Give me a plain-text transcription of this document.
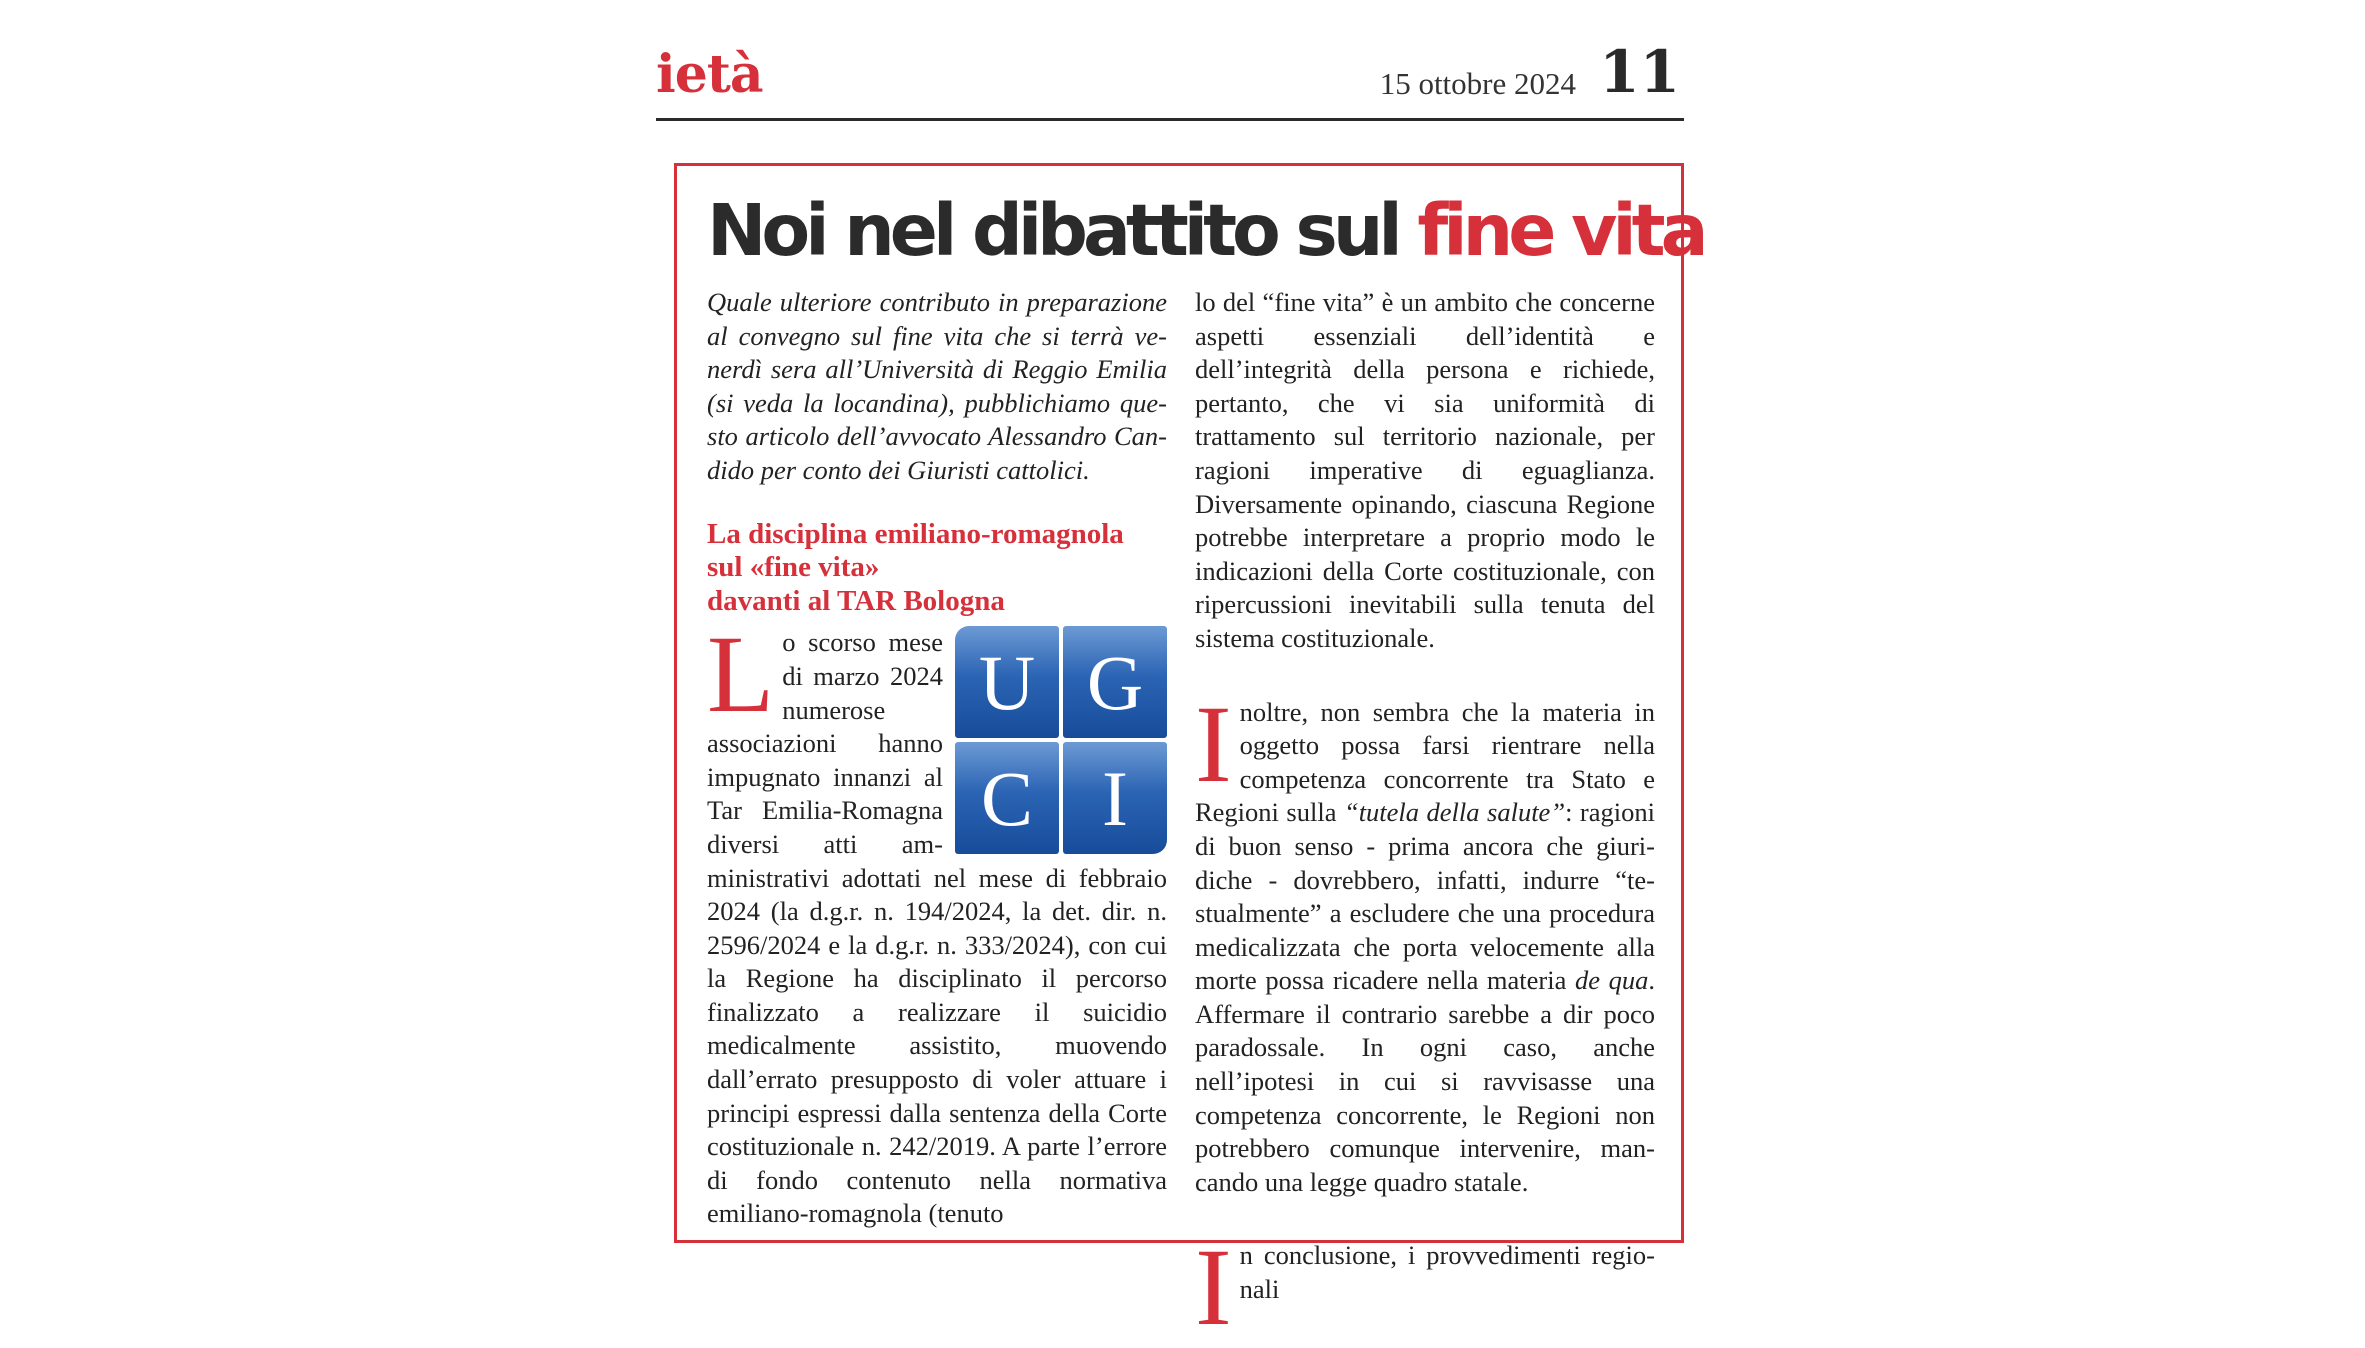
ietà	15 ottobre 2024 11
Noi nel dibattito sul fine vita

Quale ulteriore contributo in preparazione al convegno sul fine vita che si terrà venerdì sera all’Università di Reggio Emilia (si veda la locandina), pubblichiamo questo articolo dell’avvocato Alessandro Candido per conto dei Giuristi cattolici.

La disciplina emiliano-romagnola
sul «fine vita»
davanti al TAR Bologna
U G
C I

Lo scorso mese di marzo 2024 numerose associazioni hanno impugnato innanzi al Tar Emilia-Romagna diversi atti amministrativi adottati nel mese di febbraio 2024 (la d.g.r. n. 194/2024, la det. dir. n. 2596/2024 e la d.g.r. n. 333/2024), con cui la Regione ha disciplinato il percorso finalizzato a realizzare il suicidio medicalmente assistito, muovendo dall’errato presupposto di voler attuare i principi espressi dalla sentenza della Corte costituzionale n. 242/2019. A parte l’errore di fondo contenuto nella normativa emiliano-romagnola (tenuto

lo del “fine vita” è un ambito che concerne aspetti essenziali dell’identità e dell’integrità della persona e richiede, pertanto, che vi sia uniformità di trattamento sul territorio nazionale, per ragioni imperative di eguaglianza. Diversamente opinando, ciascuna Regione potrebbe interpretare a proprio modo le indicazioni della Corte costituzionale, con ripercussioni inevitabili sulla tenuta del sistema costituzionale.

Inoltre, non sembra che la materia in oggetto possa farsi rientrare nella competenza concorrente tra Stato e Regioni sulla “tutela della salute”: ragioni di buon senso - prima ancora che giuridiche - dovrebbero, infatti, indurre “testualmente” a escludere che una procedura medicalizzata che porta velocemente alla morte possa ricadere nella materia de qua. Affermare il contrario sarebbe a dir poco paradossale. In ogni caso, anche nell’ipotesi in cui si ravvisasse una competenza concorrente, le Regioni non potrebbero comunque intervenire, mancando una legge quadro statale.

In conclusione, i provvedimenti regionali
